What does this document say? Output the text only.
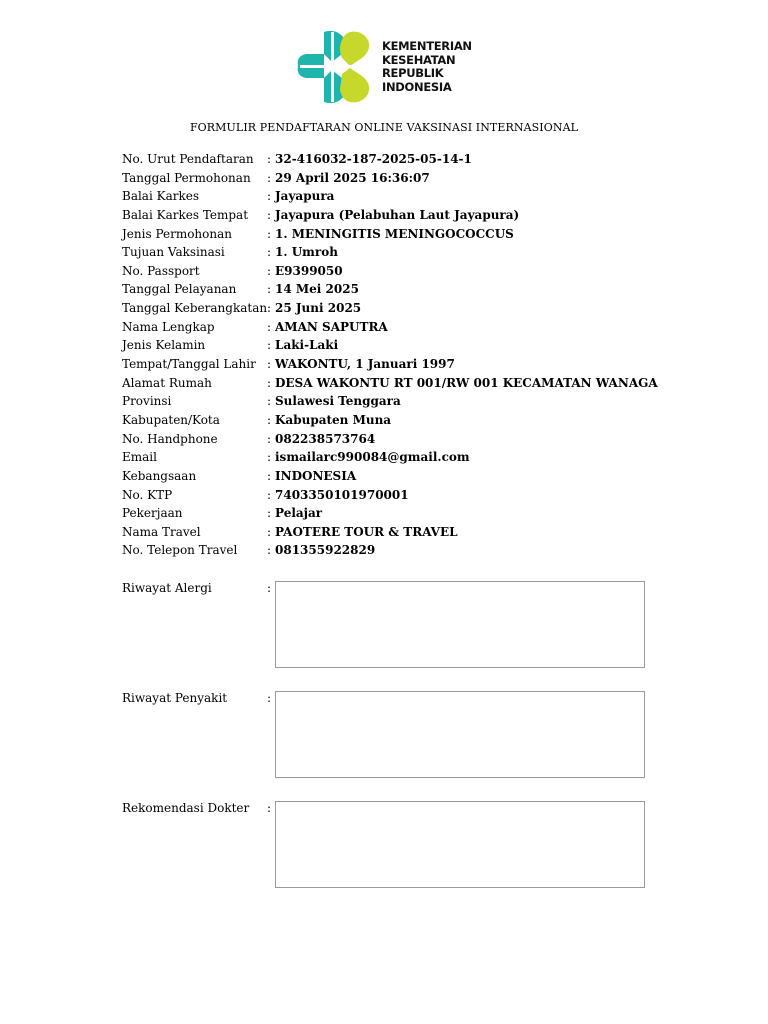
KEMENTERIAN
KESEHATAN
REPUBLIK
INDONESIA
FORMULIR PENDAFTARAN ONLINE VAKSINASI INTERNASIONAL
No. Urut Pendaftaran	: 32-416032-187-2025-05-14-1
Tanggal Permohonan	: 29 April 2025 16:36:07
Balai Karkes	: Jayapura
Balai Karkes Tempat	: Jayapura (Pelabuhan Laut Jayapura)
Jenis Permohonan	: 1. MENINGITIS MENINGOCOCCUS
Tujuan Vaksinasi	: 1. Umroh
No. Passport	: E9399050
Tanggal Pelayanan	: 14 Mei 2025
Tanggal Keberangkatan : 25 Juni 2025
Nama Lengkap	: AMAN SAPUTRA
Jenis Kelamin	: Laki-Laki
Tempat/Tanggal Lahir : WAKONTU, 1 Januari 1997
Alamat Rumah	: DESA WAKONTU RT 001/RW 001 KECAMATAN WANAGA
Provinsi	: Sulawesi Tenggara
Kabupaten/Kota	: Kabupaten Muna
No. Handphone	: 082238573764
Email	: ismailarc990084@gmail.com
Kebangsaan	: INDONESIA
No. KTP	: 7403350101970001
Pekerjaan	: Pelajar
Nama Travel	: PAOTERE TOUR & TRAVEL
No. Telepon Travel	: 081355922829
Riwayat Alergi	:
Riwayat Penyakit	:
Rekomendasi Dokter :
